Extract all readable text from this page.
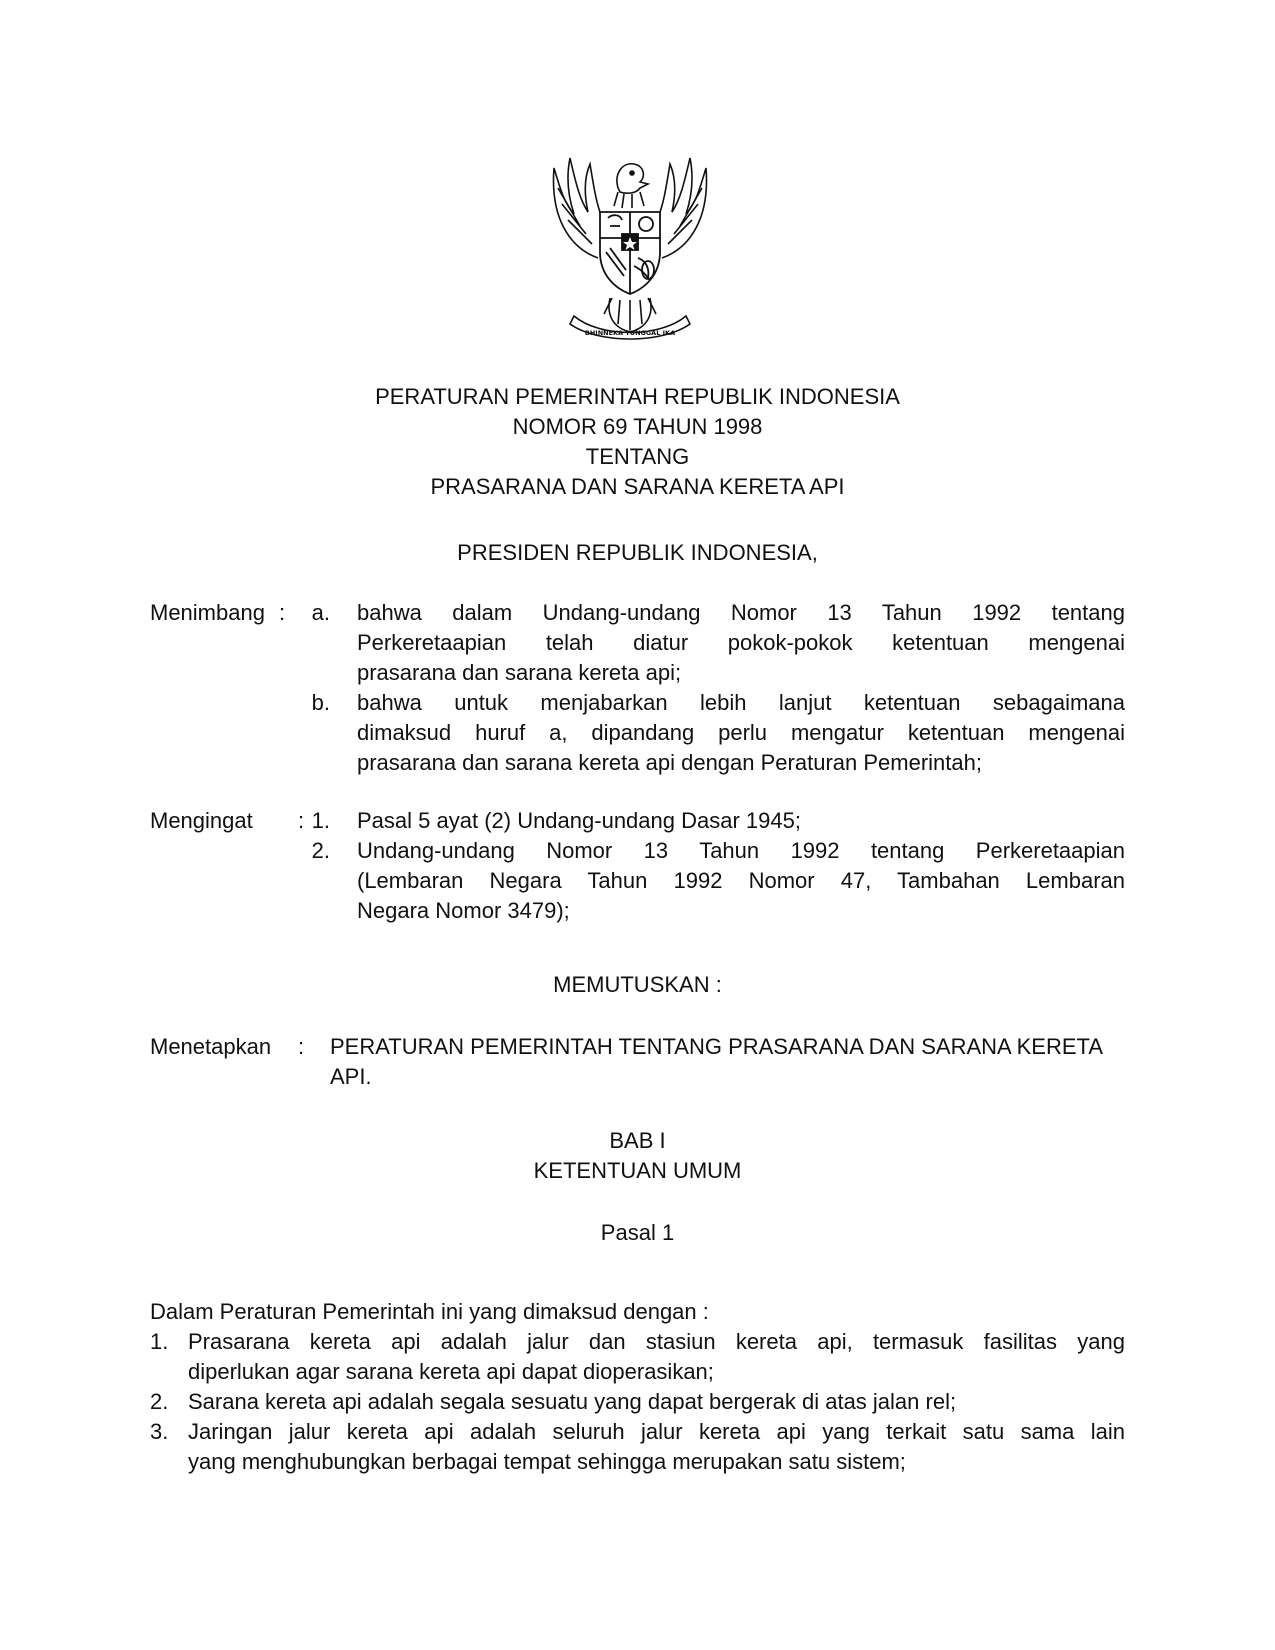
BHINNEKA TUNGGAL IKA
PERATURAN PEMERINTAH REPUBLIK INDONESIA
NOMOR 69 TAHUN 1998
TENTANG
PRASARANA DAN SARANA KERETA API
PRESIDEN REPUBLIK INDONESIA,
Menimbang :	a. bahwa dalam Undang-undang Nomor 13 Tahun 1992 tentang
Perkeretaapian telah diatur pokok-pokok ketentuan mengenai
prasarana dan sarana kereta api;
b. bahwa untuk menjabarkan lebih lanjut ketentuan sebagaimana
dimaksud huruf a, dipandang perlu mengatur ketentuan mengenai
prasarana dan sarana kereta api dengan Peraturan Pemerintah;
Mengingat : 1. Pasal 5 ayat (2) Undang-undang Dasar 1945;
2. Undang-undang Nomor 13 Tahun 1992 tentang Perkeretaapian
(Lembaran Negara Tahun 1992 Nomor 47, Tambahan Lembaran
Negara Nomor 3479);
MEMUTUSKAN :
Menetapkan : PERATURAN PEMERINTAH TENTANG PRASARANA DAN SARANA KERETA
API.
BAB I
KETENTUAN UMUM
Pasal 1
Dalam Peraturan Pemerintah ini yang dimaksud dengan :
1. Prasarana kereta api adalah jalur dan stasiun kereta api, termasuk fasilitas yang
diperlukan agar sarana kereta api dapat dioperasikan;
2. Sarana kereta api adalah segala sesuatu yang dapat bergerak di atas jalan rel;
3. Jaringan jalur kereta api adalah seluruh jalur kereta api yang terkait satu sama lain
yang menghubungkan berbagai tempat sehingga merupakan satu sistem;
